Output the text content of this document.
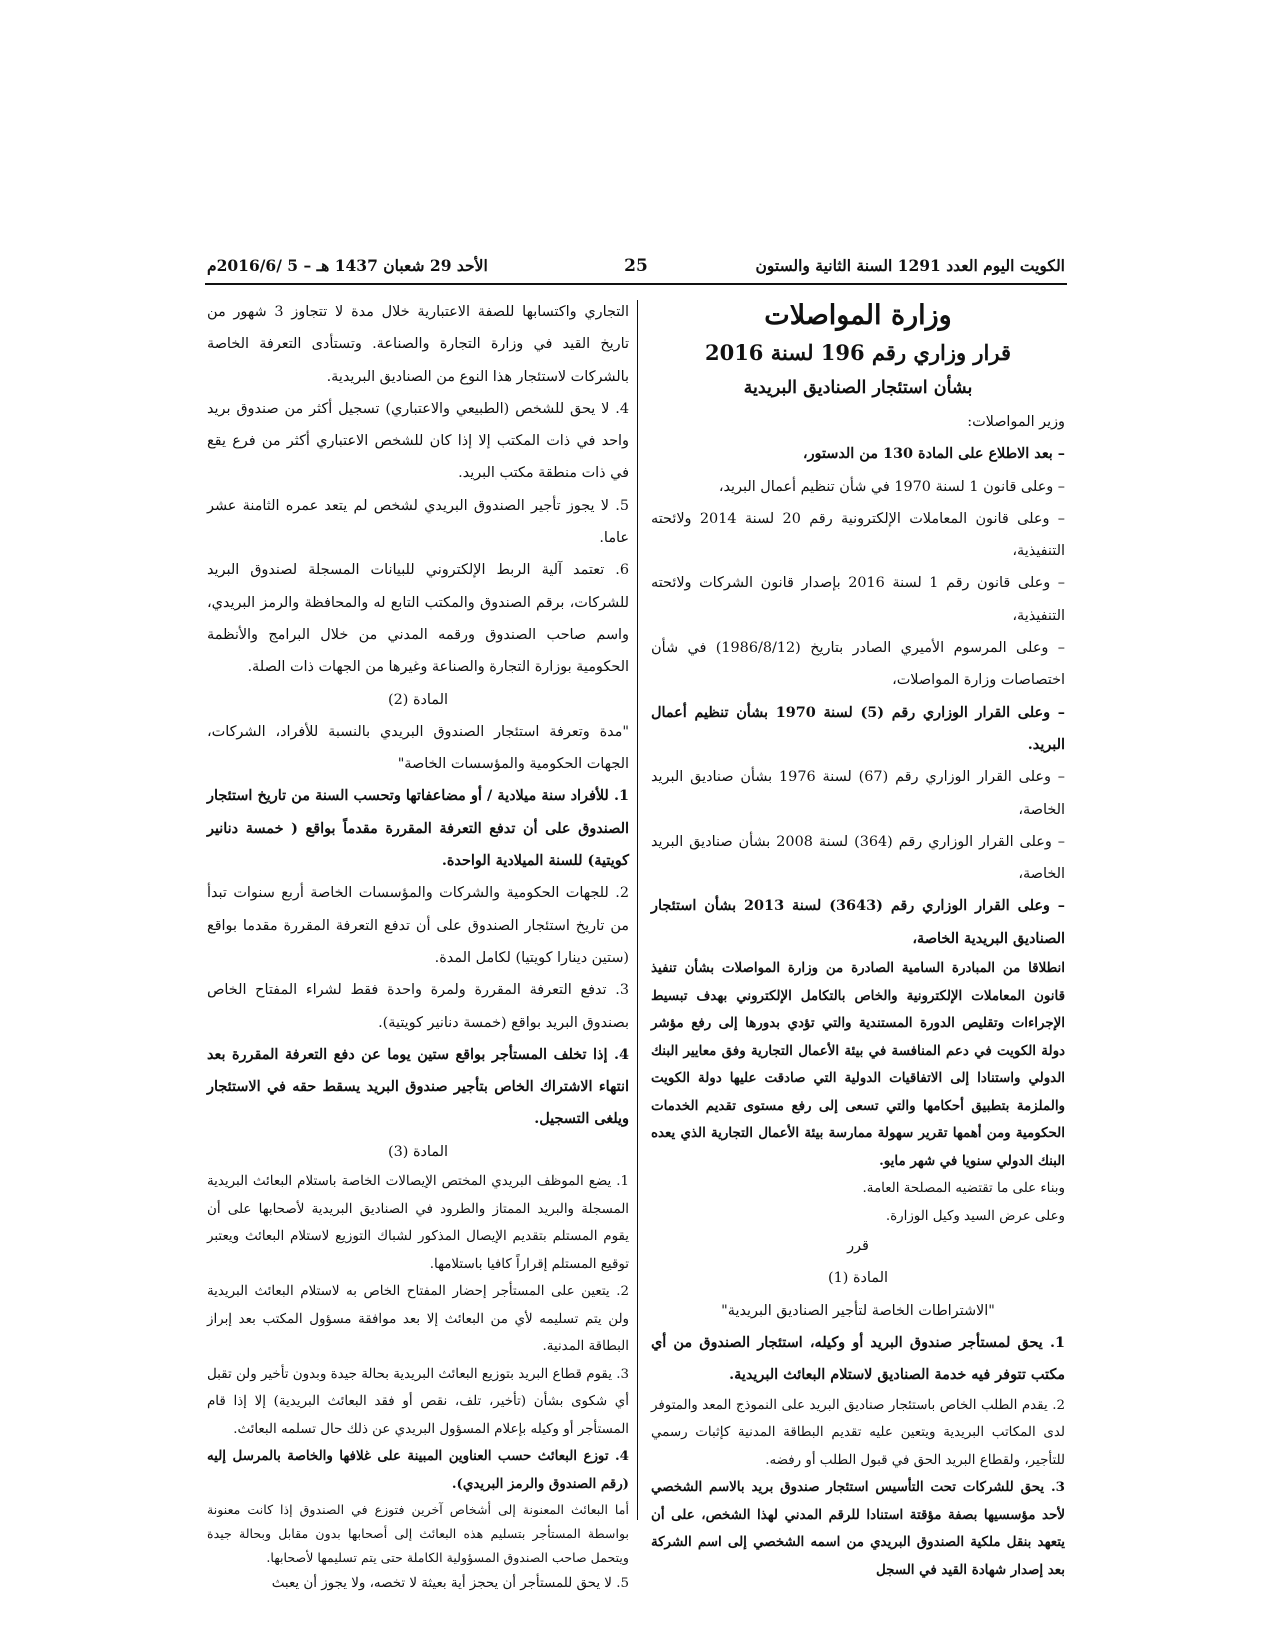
الكويت اليوم العدد 1291 السنة الثانية والستون
25
الأحد 29 شعبان 1437 هـ – 5 /2016/6م

وزارة المواصلات

قرار وزاري رقم 196 لسنة 2016

بشأن استئجار الصناديق البريدية

وزير المواصلات:

– بعد الاطلاع على المادة 130 من الدستور،

– وعلى قانون 1 لسنة 1970 في شأن تنظيم أعمال البريد،

– وعلى قانون المعاملات الإلكترونية رقم 20 لسنة 2014 ولائحته التنفيذية،

– وعلى قانون رقم 1 لسنة 2016 بإصدار قانون الشركات ولائحته التنفيذية،

– وعلى المرسوم الأميري الصادر بتاريخ (1986/8/12) في شأن اختصاصات وزارة المواصلات،

– وعلى القرار الوزاري رقم (5) لسنة 1970 بشأن تنظيم أعمال البريد.

– وعلى القرار الوزاري رقم (67) لسنة 1976 بشأن صناديق البريد الخاصة،

– وعلى القرار الوزاري رقم (364) لسنة 2008 بشأن صناديق البريد الخاصة،

– وعلى القرار الوزاري رقم (3643) لسنة 2013 بشأن استئجار الصناديق البريدية الخاصة،

انطلاقا من المبادرة السامية الصادرة من وزارة المواصلات بشأن تنفيذ قانون المعاملات الإلكترونية والخاص بالتكامل الإلكتروني بهدف تبسيط الإجراءات وتقليص الدورة المستندية والتي تؤدي بدورها إلى رفع مؤشر دولة الكويت في دعم المنافسة في بيئة الأعمال التجارية وفق معايير البنك الدولي واستنادا إلى الاتفاقيات الدولية التي صادقت عليها دولة الكويت والملزمة بتطبيق أحكامها والتي تسعى إلى رفع مستوى تقديم الخدمات الحكومية ومن أهمها تقرير سهولة ممارسة بيئة الأعمال التجارية الذي يعده البنك الدولي سنويا في شهر مايو.

وبناء على ما تقتضيه المصلحة العامة.

وعلى عرض السيد وكيل الوزارة.

قرر

المادة (1)

"الاشتراطات الخاصة لتأجير الصناديق البريدية"

1. يحق لمستأجر صندوق البريد أو وكيله، استئجار الصندوق من أي مكتب تتوفر فيه خدمة الصناديق لاستلام البعائث البريدية.

2. يقدم الطلب الخاص باستئجار صناديق البريد على النموذج المعد والمتوفر لدى المكاتب البريدية ويتعين عليه تقديم البطاقة المدنية كإثبات رسمي للتأجير، ولقطاع البريد الحق في قبول الطلب أو رفضه.

3. يحق للشركات تحت التأسيس استئجار صندوق بريد بالاسم الشخصي لأحد مؤسسيها بصفة مؤقتة استنادا للرقم المدني لهذا الشخص، على أن يتعهد بنقل ملكية الصندوق البريدي من اسمه الشخصي إلى اسم الشركة بعد إصدار شهادة القيد في السجل

التجاري واكتسابها للصفة الاعتبارية خلال مدة لا تتجاوز 3 شهور من تاريخ القيد في وزارة التجارة والصناعة. وتستأدى التعرفة الخاصة بالشركات لاستئجار هذا النوع من الصناديق البريدية.

4. لا يحق للشخص (الطبيعي والاعتباري) تسجيل أكثر من صندوق بريد واحد في ذات المكتب إلا إذا كان للشخص الاعتباري أكثر من فرع يقع في ذات منطقة مكتب البريد.

5. لا يجوز تأجير الصندوق البريدي لشخص لم يتعد عمره الثامنة عشر عاما.

6. تعتمد آلية الربط الإلكتروني للبيانات المسجلة لصندوق البريد للشركات، برقم الصندوق والمكتب التابع له والمحافظة والرمز البريدي، واسم صاحب الصندوق ورقمه المدني من خلال البرامج والأنظمة الحكومية بوزارة التجارة والصناعة وغيرها من الجهات ذات الصلة.

المادة (2)

"مدة وتعرفة استئجار الصندوق البريدي بالنسبة للأفراد، الشركات، الجهات الحكومية والمؤسسات الخاصة"

1. للأفراد سنة ميلادية / أو مضاعفاتها وتحسب السنة من تاريخ استئجار الصندوق على أن تدفع التعرفة المقررة مقدماً بواقع ( خمسة دنانير كويتية) للسنة الميلادية الواحدة.

2. للجهات الحكومية والشركات والمؤسسات الخاصة أربع سنوات تبدأ من تاريخ استئجار الصندوق على أن تدفع التعرفة المقررة مقدما بواقع (ستين دينارا كويتيا) لكامل المدة.

3. تدفع التعرفة المقررة ولمرة واحدة فقط لشراء المفتاح الخاص بصندوق البريد بواقع (خمسة دنانير كويتية).

4. إذا تخلف المستأجر بواقع ستين يوما عن دفع التعرفة المقررة بعد انتهاء الاشتراك الخاص بتأجير صندوق البريد يسقط حقه في الاستئجار ويلغى التسجيل.

المادة (3)

1. يضع الموظف البريدي المختص الإيصالات الخاصة باستلام البعائث البريدية المسجلة والبريد الممتاز والطرود في الصناديق البريدية لأصحابها على أن يقوم المستلم بتقديم الإيصال المذكور لشباك التوزيع لاستلام البعائث ويعتبر توقيع المستلم إقراراً كافيا باستلامها.

2. يتعين على المستأجر إحضار المفتاح الخاص به لاستلام البعائث البريدية ولن يتم تسليمه لأي من البعائث إلا بعد موافقة مسؤول المكتب بعد إبراز البطاقة المدنية.

3. يقوم قطاع البريد بتوزيع البعائث البريدية بحالة جيدة وبدون تأخير ولن تقبل أي شكوى بشأن (تأخير، تلف، نقص أو فقد البعائث البريدية) إلا إذا قام المستأجر أو وكيله بإعلام المسؤول البريدي عن ذلك حال تسلمه البعائث.

4. توزع البعائث حسب العناوين المبينة على غلافها والخاصة بالمرسل إليه (رقم الصندوق والرمز البريدي).

أما البعائث المعنونة إلى أشخاص آخرين فتوزع في الصندوق إذا كانت معنونة بواسطة المستأجر بتسليم هذه البعائث إلى أصحابها بدون مقابل وبحالة جيدة ويتحمل صاحب الصندوق المسؤولية الكاملة حتى يتم تسليمها لأصحابها.

5. لا يحق للمستأجر أن يحجز أية بعيثة لا تخصه، ولا يجوز أن يعبث
